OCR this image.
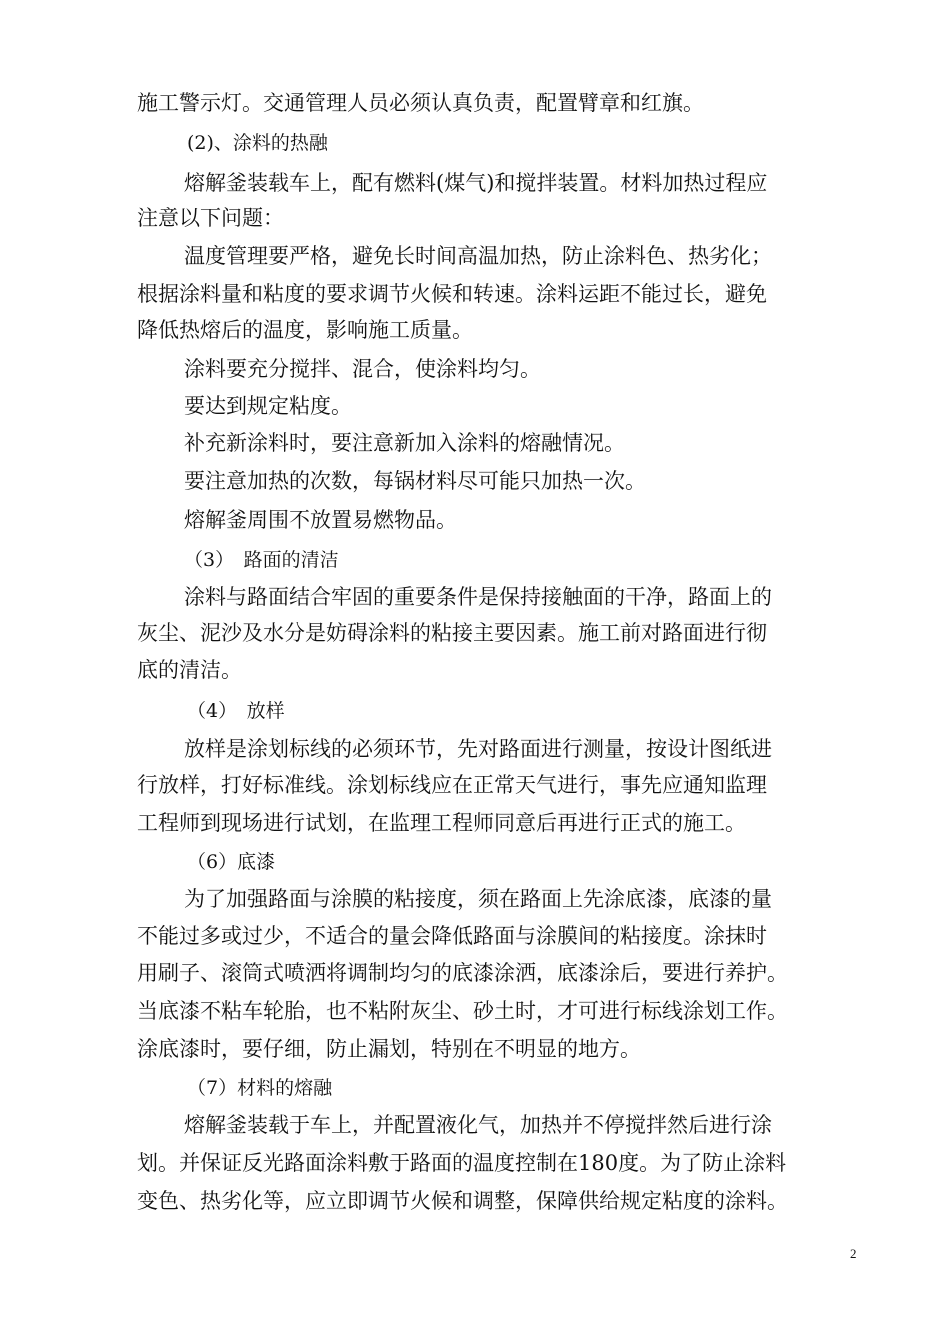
施工警示灯。交通管理人员必须认真负责，配置臂章和红旗。
(2)、涂料的热融
熔解釜装载车上，配有燃料(煤气)和搅拌装置。材料加热过程应
注意以下问题：
温度管理要严格，避免长时间高温加热，防止涂料色、热劣化；
根据涂料量和粘度的要求调节火候和转速。涂料运距不能过长，避免
降低热熔后的温度，影响施工质量。
涂料要充分搅拌、混合，使涂料均匀。
要达到规定粘度。
补充新涂料时，要注意新加入涂料的熔融情况。
要注意加热的次数，每锅材料尽可能只加热一次。
熔解釜周围不放置易燃物品。
（3）　路面的清洁
涂料与路面结合牢固的重要条件是保持接触面的干净，路面上的
灰尘、泥沙及水分是妨碍涂料的粘接主要因素。施工前对路面进行彻
底的清洁。
（4）　放样
放样是涂划标线的必须环节，先对路面进行测量，按设计图纸进
行放样，打好标准线。涂划标线应在正常天气进行，事先应通知监理
工程师到现场进行试划，在监理工程师同意后再进行正式的施工。
（6）底漆
为了加强路面与涂膜的粘接度，须在路面上先涂底漆，底漆的量
不能过多或过少，不适合的量会降低路面与涂膜间的粘接度。涂抹时
用刷子、滚筒式喷洒将调制均匀的底漆涂洒，底漆涂后，要进行养护。
当底漆不粘车轮胎，也不粘附灰尘、砂土时，才可进行标线涂划工作。
涂底漆时，要仔细，防止漏划，特别在不明显的地方。
（7）材料的熔融
熔解釜装载于车上，并配置液化气，加热并不停搅拌然后进行涂
划。并保证反光路面涂料敷于路面的温度控制在180度。为了防止涂料
变色、热劣化等，应立即调节火候和调整，保障供给规定粘度的涂料。
2
